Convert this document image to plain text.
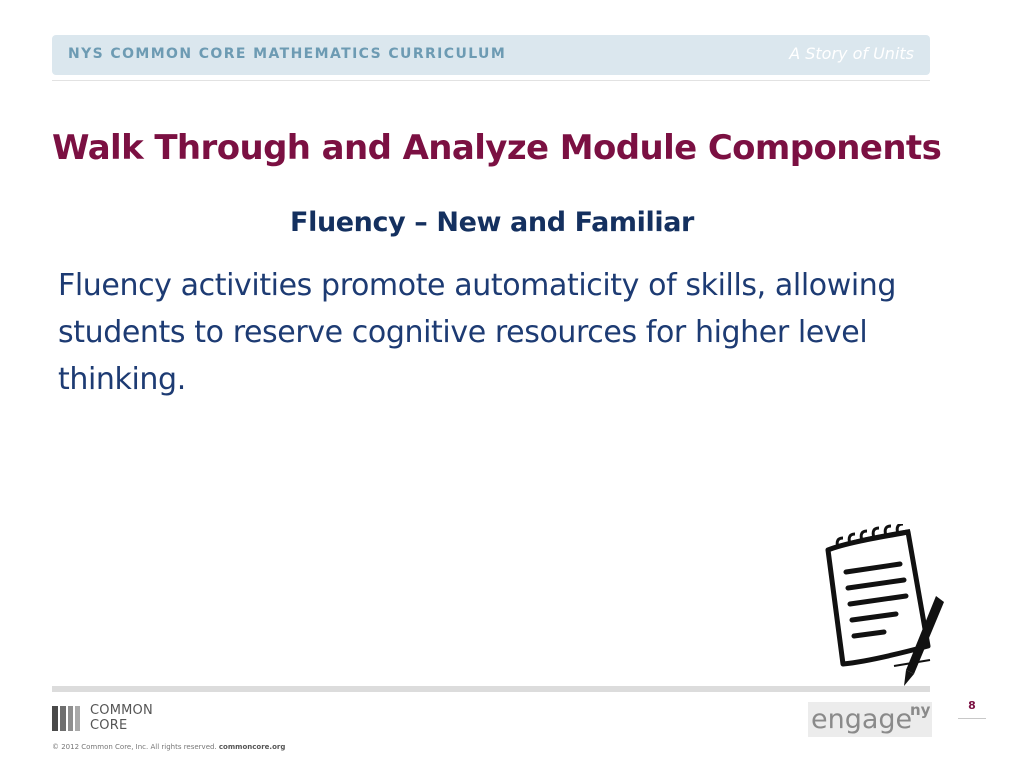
NYS COMMON CORE MATHEMATICS CURRICULUM	A Story of Units
Walk Through and Analyze Module Components
Fluency – New and Familiar
Fluency activities promote automaticity of skills, allowing students to reserve cognitive resources for higher level thinking.
COMMON
CORE
© 2012 Common Core, Inc. All rights reserved. commoncore.org
engage
ny	8
